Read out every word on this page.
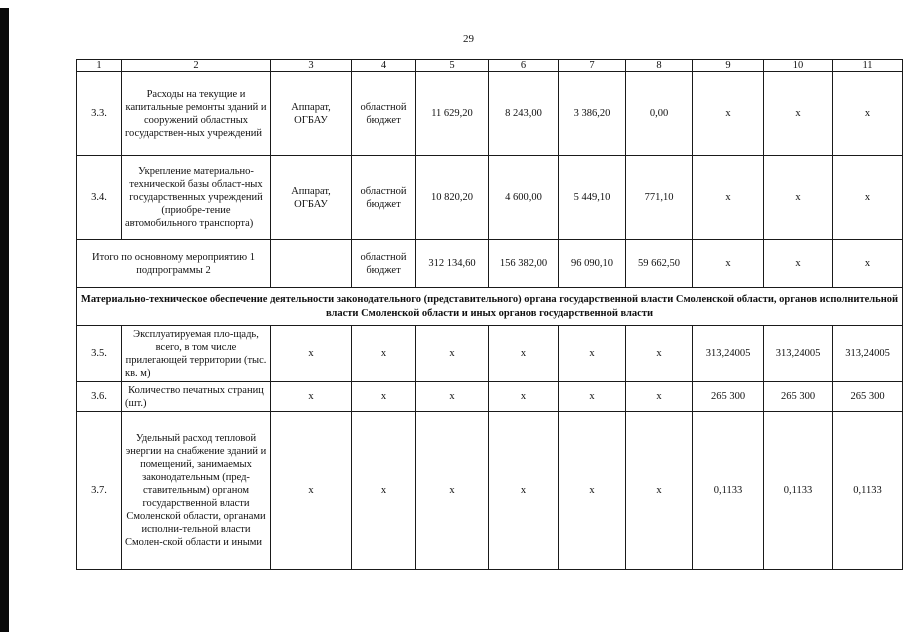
29
1	2	3	4	5	6	7	8	9	10	11
3.3.	Расходы на текущие и капитальные ремонты зданий и сооружений областных государствен-ных учреждений	Аппарат, ОГБАУ	областной бюджет	11 629,20	8 243,00	3 386,20	0,00	х	х	х
3.4.	Укрепление материально-технической базы област-ных государственных учреждений (приобре-тение автомобильного транспорта)	Аппарат, ОГБАУ	областной бюджет	10 820,20	4 600,00	5 449,10	771,10	х	х	х
Итого по основному мероприятию 1 подпрограммы 2			областной бюджет	312 134,60	156 382,00	96 090,10	59 662,50	х	х	х
Материально-техническое обеспечение деятельности законодательного (представительного) органа государственной власти Смоленской области, органов исполнительной власти Смоленской области и иных органов государственной власти										
3.5.	Эксплуатируемая пло-щадь, всего, в том числе прилегающей территории (тыс. кв. м)	х	х	х	х	х	х	313,24005	313,24005	313,24005
3.6.	Количество печатных страниц (шт.)	х	х	х	х	х	х	265 300	265 300	265 300
3.7.	Удельный расход тепловой энергии на снабжение зданий и помещений, занимаемых законодательным (пред-ставительным) органом государственной власти Смоленской области, органами исполни-тельной власти Смолен-ской области и иными	х	х	х	х	х	х	0,1133	0,1133	0,1133
